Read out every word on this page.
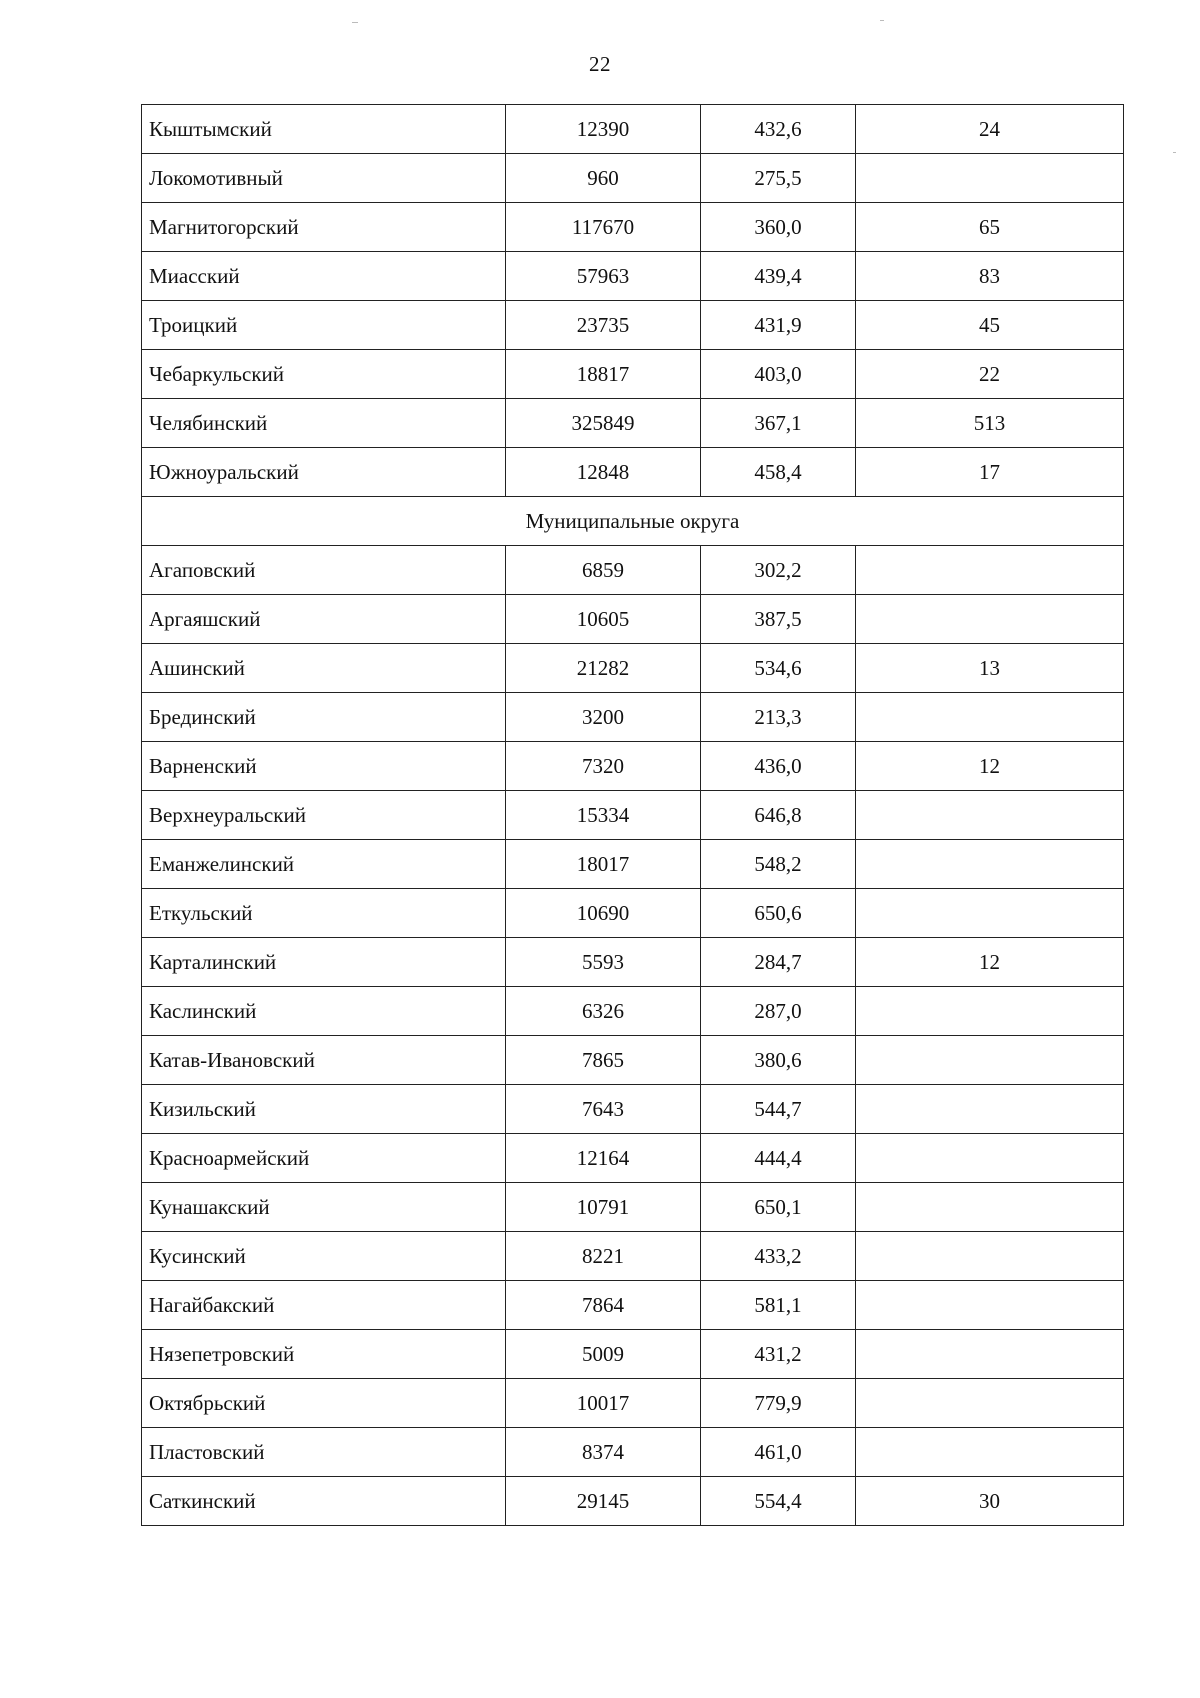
22
Кыштымский	12390	432,6	24
Локомотивный	960	275,5	
Магнитогорский	117670	360,0	65
Миасский	57963	439,4	83
Троицкий	23735	431,9	45
Чебаркульский	18817	403,0	22
Челябинский	325849	367,1	513
Южноуральский	12848	458,4	17
Муниципальные округа			
Агаповский	6859	302,2	
Аргаяшский	10605	387,5	
Ашинский	21282	534,6	13
Брединский	3200	213,3	
Варненский	7320	436,0	12
Верхнеуральский	15334	646,8	
Еманжелинский	18017	548,2	
Еткульский	10690	650,6	
Карталинский	5593	284,7	12
Каслинский	6326	287,0	
Катав-Ивановский	7865	380,6	
Кизильский	7643	544,7	
Красноармейский	12164	444,4	
Кунашакский	10791	650,1	
Кусинский	8221	433,2	
Нагайбакский	7864	581,1	
Нязепетровский	5009	431,2	
Октябрьский	10017	779,9	
Пластовский	8374	461,0	
Саткинский	29145	554,4	30
